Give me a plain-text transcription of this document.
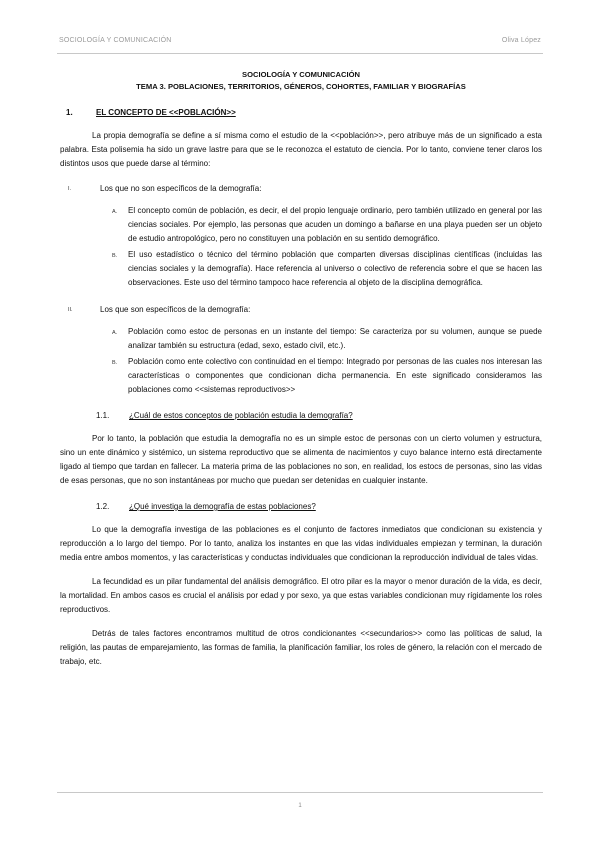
SOCIOLOGÍA Y COMUNICACIÓN	Oliva López
SOCIOLOGÍA Y COMUNICACIÓN
TEMA 3. POBLACIONES, TERRITORIOS, GÉNEROS, COHORTES, FAMILIAR Y BIOGRAFÍAS
1.	EL CONCEPTO DE <<POBLACIÓN>>

La propia demografía se define a sí misma como el estudio de la <<población>>, pero atribuye más de un significado a esta palabra. Esta polisemia ha sido un grave lastre para que se le reconozca el estatuto de ciencia. Por lo tanto, conviene tener claros los distintos usos que puede darse al término:

I.	Los que no son específicos de la demografía:
A.	El concepto común de población, es decir, el del propio lenguaje ordinario, pero también utilizado en general por las ciencias sociales. Por ejemplo, las personas que acuden un domingo a bañarse en una playa pueden ser un objeto de estudio antropológico, pero no constituyen una población en su sentido demográfico.

B.	El uso estadístico o técnico del término población que comparten diversas disciplinas científicas (incluidas las ciencias sociales y la demografía). Hace referencia al universo o colectivo de referencia sobre el que se hacen las observaciones. Este uso del término tampoco hace referencia al objeto de la disciplina demográfica.

II.	Los que son específicos de la demografía:
A.	Población como estoc de personas en un instante del tiempo: Se caracteriza por su volumen, aunque se puede analizar también su estructura (edad, sexo, estado civil, etc.).

B.	Población como ente colectivo con continuidad en el tiempo: Integrado por personas de las cuales nos interesan las características o componentes que condicionan dicha permanencia. En este significado consideramos las poblaciones como <<sistemas reproductivos>>

1.1.	¿Cuál de estos conceptos de población estudia la demografía?

Por lo tanto, la población que estudia la demografía no es un simple estoc de personas con un cierto volumen y estructura, sino un ente dinámico y sistémico, un sistema reproductivo que se alimenta de nacimientos y cuyo balance interno está directamente ligado al tiempo que tardan en fallecer. La materia prima de las poblaciones no son, en realidad, los estocs de personas, sino las vidas de esas personas, que no son instantáneas por mucho que puedan ser detenidas en cualquier instante.

1.2.	¿Qué investiga la demografía de estas poblaciones?

Lo que la demografía investiga de las poblaciones es el conjunto de factores inmediatos que condicionan su existencia y reproducción a lo largo del tiempo. Por lo tanto, analiza los instantes en que las vidas individuales empiezan y terminan, la duración media entre ambos momentos, y las características y conductas individuales que condicionan la reproducción individual de tales vidas.

La fecundidad es un pilar fundamental del análisis demográfico. El otro pilar es la mayor o menor duración de la vida, es decir, la mortalidad. En ambos casos es crucial el análisis por edad y por sexo, ya que estas variables condicionan muy rígidamente los roles reproductivos.

Detrás de tales factores encontramos multitud de otros condicionantes <<secundarios>> como las políticas de salud, la religión, las pautas de emparejamiento, las formas de familia, la planificación familiar, los roles de género, la relación con el mercado de trabajo, etc.

1
